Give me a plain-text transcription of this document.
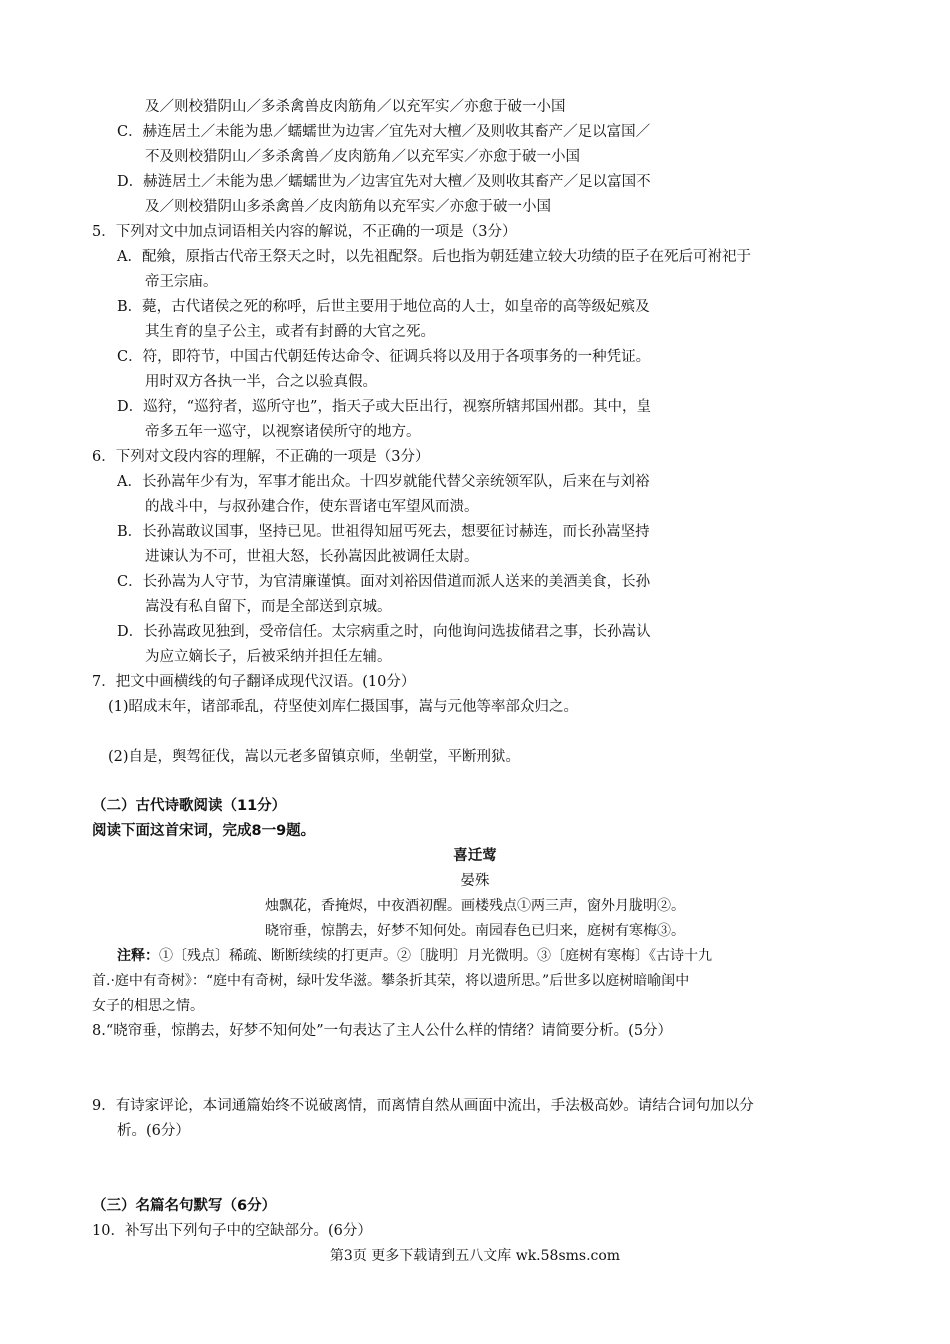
及／则校猎阴山／多杀禽兽皮肉筋角／以充军实／亦愈于破一小国
C．赫连居土／未能为患／蠕蠕世为边害／宜先对大檀／及则收其畜产／足以富国／
不及则校猎阴山／多杀禽兽／皮肉筋角／以充军实／亦愈于破一小国
D．赫涟居土／未能为患／蠕蠕世为／边害宜先对大檀／及则收其畜产／足以富国不
及／则校猎阴山多杀禽兽／皮肉筋角以充军实／亦愈于破一小国
5．下列对文中加点词语相关内容的解说，不正确的一项是（3分）
A．配飨，原指古代帝王祭天之时，以先祖配祭。后也指为朝廷建立较大功绩的臣子在死后可袝祀于
帝王宗庙。
B．薨，古代诸侯之死的称呼，后世主要用于地位高的人士，如皇帝的高等级妃殡及
其生育的皇子公主，或者有封爵的大官之死。
C．符，即符节，中国古代朝廷传达命令、征调兵将以及用于各项事务的一种凭证。
用时双方各执一半，合之以验真假。
D．巡狩，“巡狩者，巡所守也”，指天子或大臣出行，视察所辖邦国州郡。其中，皇
帝多五年一巡守，以视察诸侯所守的地方。
6．下列对文段内容的理解，不正确的一项是（3分）
A．长孙嵩年少有为，军事才能出众。十四岁就能代替父亲统领军队，后来在与刘裕
的战斗中，与叔孙建合作，使东晋诸屯军望风而溃。
B．长孙嵩敢议国事，坚持已见。世祖得知屈丐死去，想要征讨赫连，而长孙嵩坚持
进谏认为不可，世祖大怒，长孙嵩因此被调任太尉。
C．长孙嵩为人守节，为官清廉谨慎。面对刘裕因借道而派人送来的美酒美食，长孙
嵩没有私自留下，而是全部送到京城。
D．长孙嵩政见独到，受帝信任。太宗病重之时，向他询问选拔储君之事，长孙嵩认
为应立嫡长子，后被采纳并担任左辅。
7．把文中画横线的句子翻译成现代汉语。(10分）
(1)昭成末年，诸部乖乱，苻坚使刘库仁摄国事，嵩与元他等率部众归之。
(2)自是，舆驾征伐，嵩以元老多留镇京师，坐朝堂，平断刑狱。
（二）古代诗歌阅读（11分）
阅读下面这首宋词，完成8一9题。
喜迁莺
晏殊
烛飘花，香掩烬，中夜酒初醒。画楼残点①两三声，窗外月胧明②。
晓帘垂，惊鹊去，好梦不知何处。南园春色已归来，庭树有寒梅③。
注释：①〔残点〕稀疏、断断续续的打更声。②〔胧明〕月光微明。③〔庭树有寒梅〕《古诗十九
首.·庭中有奇树》：“庭中有奇树，绿叶发华滋。攀条折其荣，将以遗所思。”后世多以庭树暗喻闺中
女子的相思之情。
8.“晓帘垂，惊鹊去，好梦不知何处”一句表达了主人公什么样的情绪？请简要分析。(5分）
9．有诗家评论，本词通篇始终不说破离情，而离情自然从画面中流出，手法极高妙。请结合词句加以分
析。(6分）
（三）名篇名句默写（6分）
10．补写出下列句子中的空缺部分。(6分）
第3页 更多下载请到五八文库 wk.58sms.com
